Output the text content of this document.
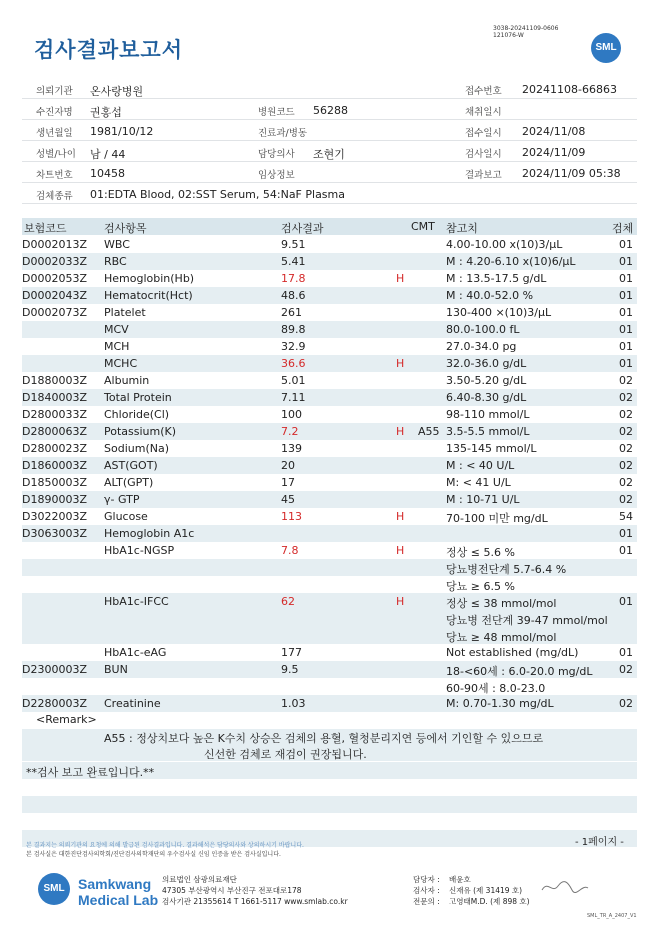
검사결과보고서
3038-20241109-0606
121076-W
SML
의뢰기관 온사랑병원	접수번호 20241108-66863
수진자명 권홍섭	병원코드 56288	채취일시
생년월일 1981/10/12	진료과/병동	접수일시 2024/11/08
성별/나이 남 / 44	담당의사 조현기	검사일시 2024/11/09
차트번호 10458	임상정보	결과보고 2024/11/09 05:38
검체종류 01:EDTA Blood, 02:SST Serum, 54:NaF Plasma
보험코드	검사항목	검사결과	CMT 참고치	검체
D0002013Z WBC	9.51	4.00-10.00 x(10)3/μL	01
D0002033Z RBC	5.41	M : 4.20-6.10 x(10)6/μL	01
D0002053Z Hemoglobin(Hb)	17.8	H	M : 13.5-17.5 g/dL	01
D0002043Z Hematocrit(Hct)	48.6	M : 40.0-52.0 %	01
D0002073Z Platelet	261	130-400 ×(10)3/μL	01
MCV	89.8	80.0-100.0 fL	01
MCH	32.9	27.0-34.0 pg	01
MCHC	36.6	H	32.0-36.0 g/dL	01
D1880003Z Albumin	5.01	3.50-5.20 g/dL	02
D1840003Z Total Protein	7.11	6.40-8.30 g/dL	02
D2800033Z Chloride(Cl)	100	98-110 mmol/L	02
D2800063Z Potassium(K)	7.2	H A55 3.5-5.5 mmol/L	02
D2800023Z Sodium(Na)	139	135-145 mmol/L	02
D1860003Z AST(GOT)	20	M : < 40 U/L	02
D1850003Z ALT(GPT)	17	M: < 41 U/L	02
D1890003Z γ- GTP	45	M : 10-71 U/L	02
D3022003Z Glucose	113	H	70-100 미만 mg/dL	54
D3063003Z Hemoglobin A1c	01
HbA1c-NGSP	7.8	H	정상 ≤ 5.6 %	01
당뇨병전단계 5.7-6.4 %
당뇨 ≥ 6.5 %
HbA1c-IFCC	62	H	정상 ≤ 38 mmol/mol	01
당뇨병 전단계 39-47 mmol/mol
당뇨 ≥ 48 mmol/mol
HbA1c-eAG	177	Not established (mg/dL)	01
D2300003Z BUN	9.5	18-<60세 : 6.0-20.0 mg/dL 02
60-90세 : 8.0-23.0
D2280003Z Creatinine	1.03	M: 0.70-1.30 mg/dL	02
<Remark>
A55 : 정상치보다 높은 K수치 상승은 검체의 용혈, 혈청분리지연 등에서 기인할 수 있으므로
신선한 검체로 재검이 권장됩니다.
**검사 보고 완료입니다.**
본 결과지는 의뢰기관의 요청에 의해 발급된 검사결과입니다. 결과해석은 담당의사와 상의하시기 바랍니다.
본 검사실은 대한진단검사의학회/진단검사의학재단의 우수검사실 신임 인증을 받은 검사실입니다.
- 1페이지 -
SML Samkwang
Medical Lab
의료법인 삼광의료재단
47305 부산광역시 부산진구 전포대로178
검사기관 21355614 T 1661-5117 www.smlab.co.kr
담당자 : 배윤호
검사자 : 신재유 (제 31419 호)
전문의 : 고영태M.D. (제 898 호)
SML_TR_A_2407_V1
